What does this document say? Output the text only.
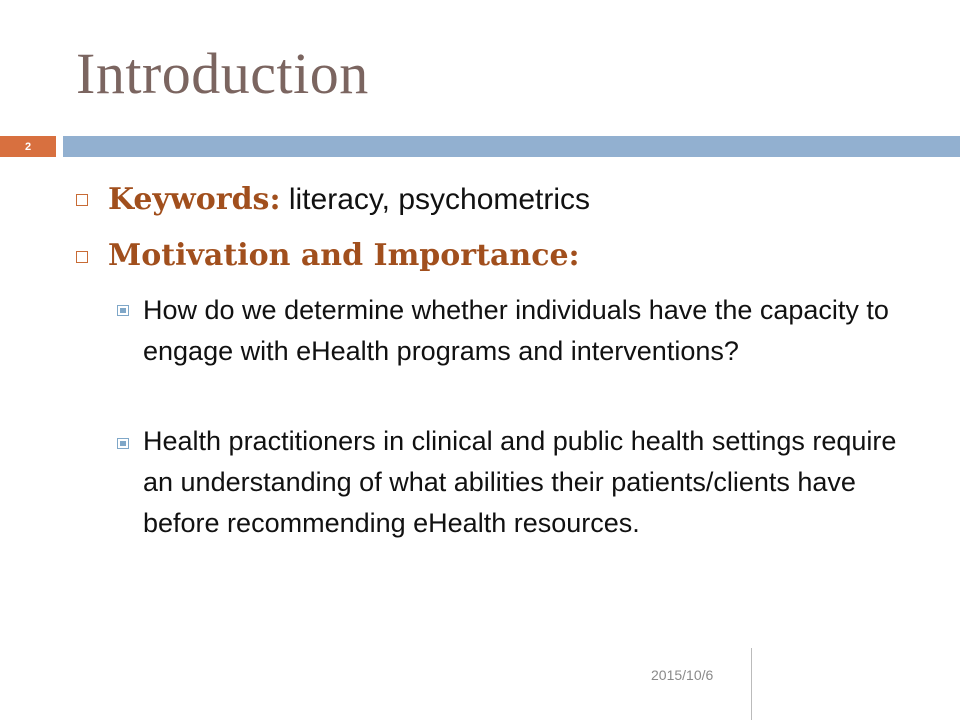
Introduction
2
Keywords: literacy, psychometrics
Motivation and Importance:
How do we determine whether individuals have the capacity to engage with eHealth programs and interventions?
Health practitioners in clinical and public health settings require an understanding of what abilities their patients/clients have before recommending eHealth resources.
2015/10/6
